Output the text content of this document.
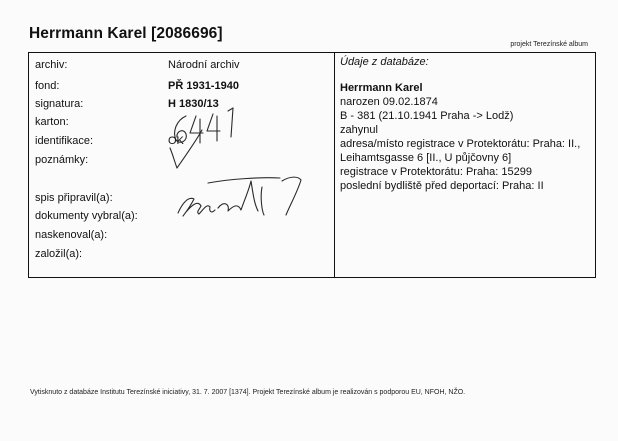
Herrmann Karel [2086696]
projekt Terezínské album
archiv:
fond:
signatura:
karton:
identifikace:
poznámky:
spis připravil(a):
dokumenty vybral(a):
naskenoval(a):
založil(a):
Národní archiv
PŘ 1931-1940
H 1830/13
OK
Údaje z databáze:
Herrmann Karel
narozen 09.02.1874
B - 381 (21.10.1941 Praha -> Lodž)
zahynul
adresa/místo registrace v Protektorátu: Praha: II.,
Leihamtsgasse 6 [II., U půjčovny 6]
registrace v Protektorátu: Praha: 15299
poslední bydliště před deportací: Praha: II
Vytisknuto z databáze Institutu Terezínské iniciativy, 31. 7. 2007 [1374]. Projekt Terezínské album je realizován s podporou EU, NFOH, NŽO.
